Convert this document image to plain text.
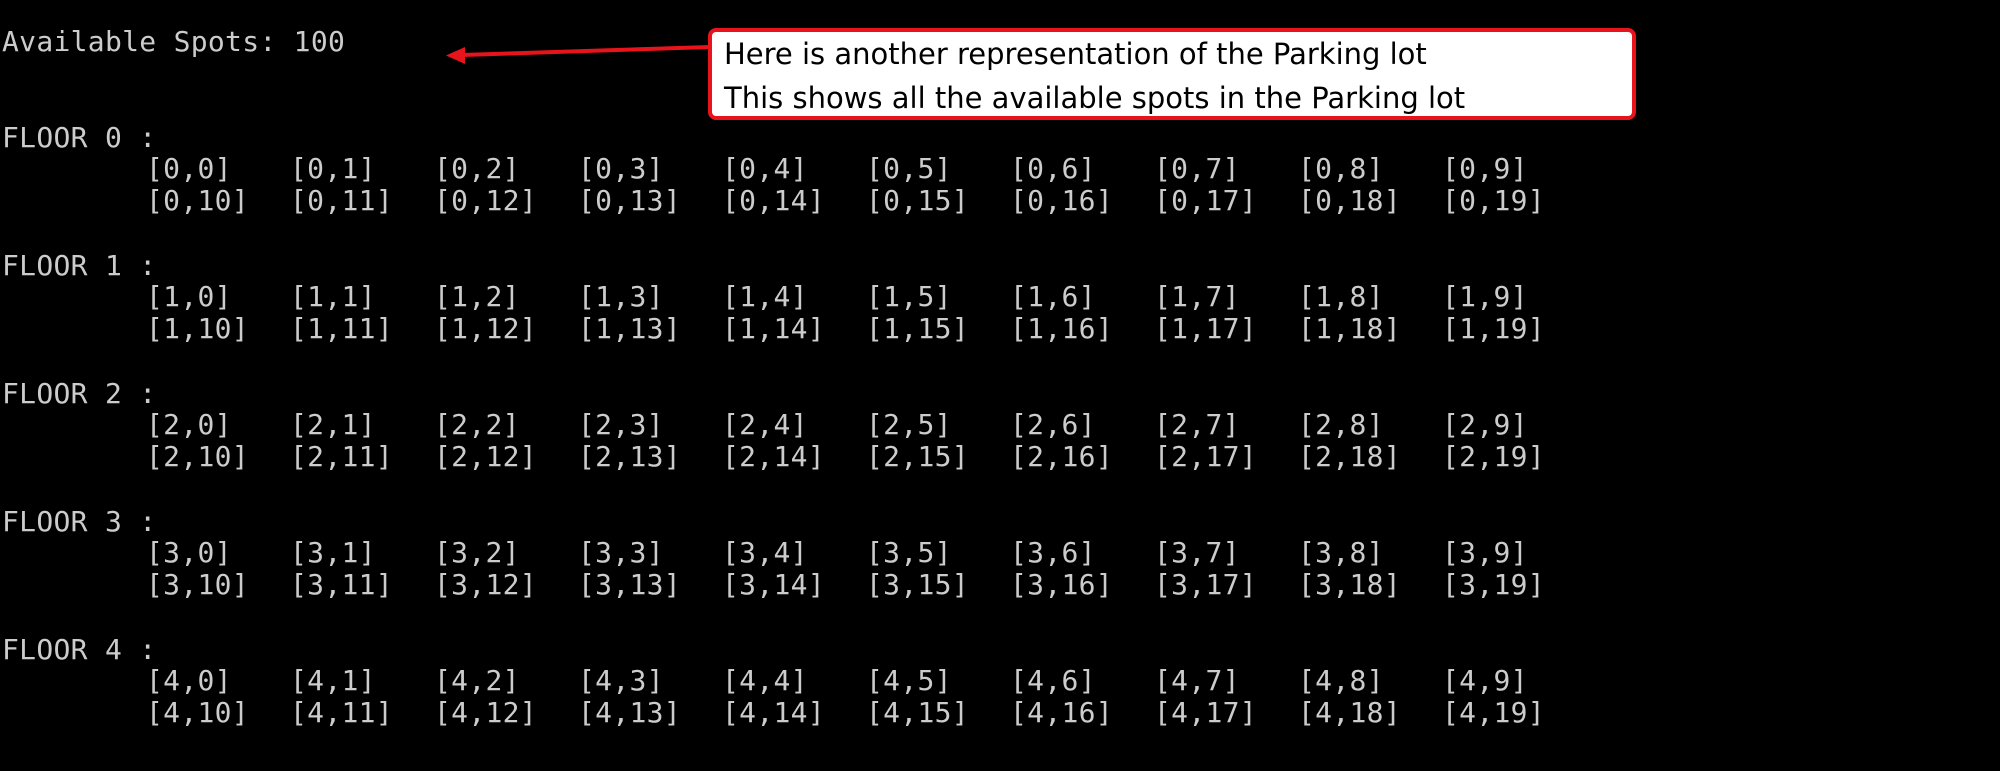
Available Spots: 100
FLOOR 0 :
[0,0] [0,1] [0,2] [0,3] [0,4] [0,5] [0,6] [0,7] [0,8] [0,9]
[0,10] [0,11] [0,12] [0,13] [0,14] [0,15] [0,16] [0,17] [0,18] [0,19]
FLOOR 1 :
[1,0] [1,1] [1,2] [1,3] [1,4] [1,5] [1,6] [1,7] [1,8] [1,9]
[1,10] [1,11] [1,12] [1,13] [1,14] [1,15] [1,16] [1,17] [1,18] [1,19]
FLOOR 2 :
[2,0] [2,1] [2,2] [2,3] [2,4] [2,5] [2,6] [2,7] [2,8] [2,9]
[2,10] [2,11] [2,12] [2,13] [2,14] [2,15] [2,16] [2,17] [2,18] [2,19]
FLOOR 3 :
[3,0] [3,1] [3,2] [3,3] [3,4] [3,5] [3,6] [3,7] [3,8] [3,9]
[3,10] [3,11] [3,12] [3,13] [3,14] [3,15] [3,16] [3,17] [3,18] [3,19]
FLOOR 4 :
[4,0] [4,1] [4,2] [4,3] [4,4] [4,5] [4,6] [4,7] [4,8] [4,9]
[4,10] [4,11] [4,12] [4,13] [4,14] [4,15] [4,16] [4,17] [4,18] [4,19]
Here is another representation of the Parking lot
This shows all the available spots in the Parking lot
